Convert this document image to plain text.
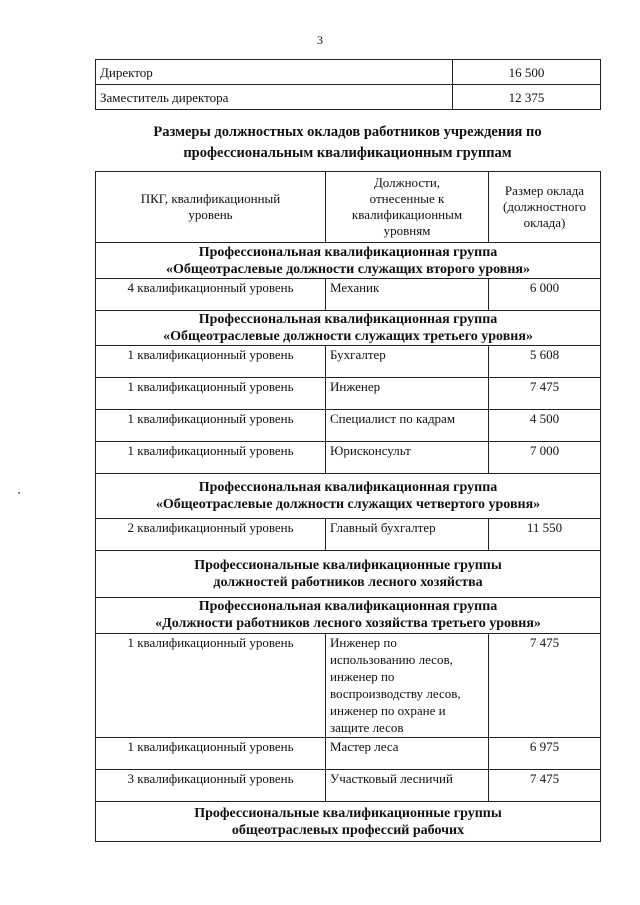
3
Директор	16 500
Заместитель директора	12 375
Размеры должностных окладов работников учреждения по
профессиональным квалификационным группам
ПКГ, квалификационный уровень	Должности, отнесенные к квалификационным уровням	Размер оклада (должностного оклада)

Профессиональная квалификационная группа
«Общеотраслевые должности служащих второго уровня»		

4 квалификационный уровень	Механик	6 000

Профессиональная квалификационная группа
«Общеотраслевые должности служащих третьего уровня»		

1 квалификационный уровень	Бухгалтер	5 608
1 квалификационный уровень	Инженер	7 475
1 квалификационный уровень	Специалист по кадрам	4 500
1 квалификационный уровень	Юрисконсульт	7 000

Профессиональная квалификационная группа
«Общеотраслевые должности служащих четвертого уровня»		

2 квалификационный уровень	Главный бухгалтер	11 550

Профессиональные квалификационные группы
должностей работников лесного хозяйства		

Профессиональная квалификационная группа
«Должности работников лесного хозяйства третьего уровня»		

1 квалификационный уровень	Инженер по использованию лесов, инженер по воспроизводству лесов, инженер по охране и защите лесов	7 475
1 квалификационный уровень	Мастер леса	6 975
3 квалификационный уровень	Участковый лесничий	7 475

Профессиональные квалификационные группы
общеотраслевых профессий рабочих		
